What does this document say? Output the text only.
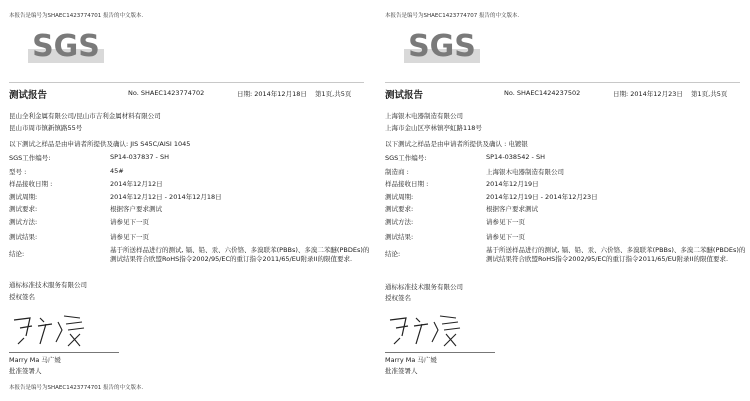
本报告是编号为SHAEC1423774701 报告的中文版本.
SGS
测试报告	No. SHAEC1423774702	日期: 2014年12月18日 第1页,共5页
昆山全利金属有限公司/昆山市吉利金属材料有限公司
昆山市周市镇新镇路55号
以下测试之样品是由申请者所提供及确认: JIS S45C/AISI 1045
SGS工作编号:	SP14-037837 - SH
型号 :	45#
样品接收日期 :	2014年12月12日
测试周期:	2014年12月12日 - 2014年12月18日
测试要求:	根据客户要求测试
测试方法:	请参见下一页
测试结果:	请参见下一页
结论:	基于所送样品进行的测试, 镉、铅、汞、六价铬、多溴联苯(PBBs)、多溴二苯醚(PBDEs)的测试结果符合欧盟RoHS指令2002/95/EC的重订指令2011/65/EU附录II的限值要求.
通标标准技术服务有限公司
授权签名
Marry Ma 马广媛
批准签署人
本报告是编号为SHAEC1423774701 报告的中文版本.
本报告是编号为SHAEC1423774707 报告的中文版本.
SGS
测试报告	No. SHAEC1424237502	日期: 2014年12月23日 第1页,共5页
上海银木电器制造有限公司
上海市金山区亭林镇亭虹路118号
以下测试之样品是由申请者所提供及确认 : 电镀银
SGS工作编号:	SP14-038542 - SH
制造商 :	上海银木电器制造有限公司
样品接收日期 :	2014年12月19日
测试周期:	2014年12月19日 - 2014年12月23日
测试要求:	根据客户要求测试
测试方法:	请参见下一页
测试结果:	请参见下一页
结论:	基于所送样品进行的测试, 镉、铅、汞、六价铬、多溴联苯(PBBs)、多溴二苯醚(PBDEs)的测试结果符合欧盟RoHS指令2002/95/EC的重订指令2011/65/EU附录II的限值要求.
通标标准技术服务有限公司
授权签名
Marry Ma 马广媛
批准签署人
